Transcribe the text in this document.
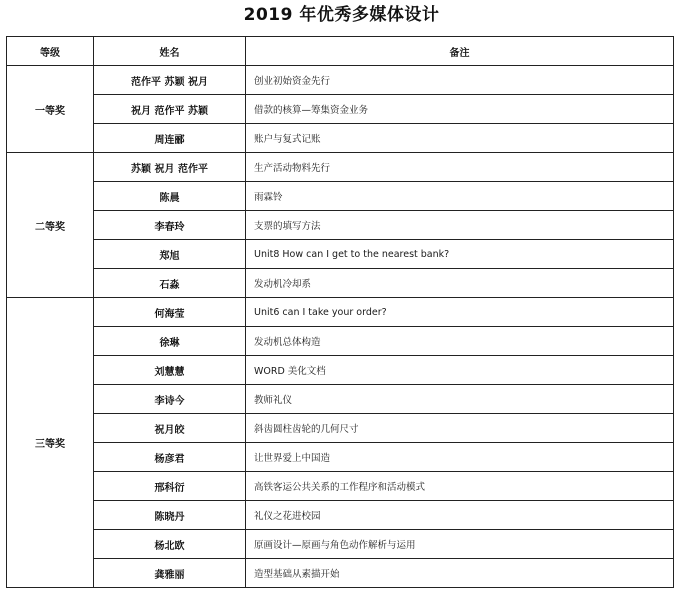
2019 年优秀多媒体设计
等级	姓名	备注
一等奖	范作平 苏颖 祝月	创业初始资金先行
	祝月 范作平 苏颖	借款的核算—筹集资金业务
	周连郦	账户与复式记账
二等奖	苏颖 祝月 范作平	生产活动物料先行
	陈晨	雨霖铃
	李春玲	支票的填写方法
	郑旭	Unit8 How can I get to the nearest bank?
	石淼	发动机冷却系
三等奖	何海莹	Unit6 can I take your order?
	徐琳	发动机总体构造
	刘慧慧	WORD 美化文档
	李诗今	教师礼仪
	祝月皎	斜齿圆柱齿轮的几何尺寸
	杨彦君	让世界爱上中国造
	邢科衍	高铁客运公共关系的工作程序和活动模式
	陈晓丹	礼仪之花进校园
	杨北欧	原画设计—原画与角色动作解析与运用
	龚雅丽	造型基础从素描开始
